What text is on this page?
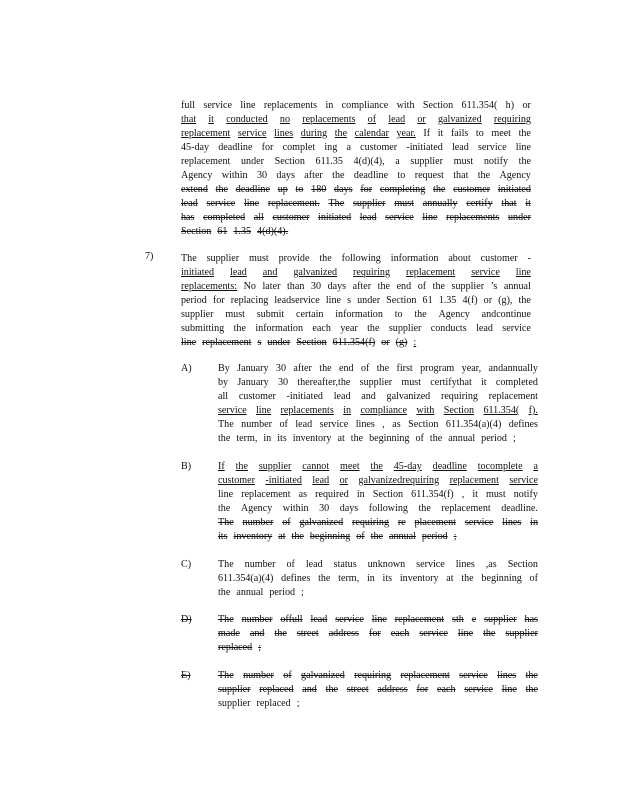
full service line replacements in compliance with Section 611.354( h) or
that it conducted no replacements of lead or galvanized requiring
replacement service lines during the calendar year. If it fails to meet the
45-day deadline for complet ing a customer -initiated lead service line
replacement under Section 611.35 4(d)(4), a supplier must notify the
Agency within 30 days after the deadline to request that the Agency
extend the deadline up to 180 days for completing the customer initiated
lead service line replacement. The supplier must annually certify that it
has completed all customer initiated lead service line replacements under
Section 61 1.35 4(d)(4).
7)	The supplier must provide the following information about customer -
initiated lead and galvanized requiring replacement service line
replacements: No later than 30 days after the end of the supplier ’s annual
period for replacing leadservice line s under Section 61 1.35 4(f) or (g), the
supplier must submit certain information to the Agency andcontinue
submitting the information each year the supplier conducts lead service
line replacement s under Section 611.354(f) or (g) :
By January 30 after the end of the first program year, andannually
by January 30 thereafter,the supplier must certifythat it completed
all customer -initiated lead and galvanized requiring replacement
service line replacements in compliance with Section 611.354( f).
The number of lead service lines , as Section 611.354(a)(4) defines
the term, in its inventory at the beginning of the annual period ;
If the supplier cannot meet the 45-day deadline tocomplete a
customer -initiated lead or galvanizedrequiring replacement service
line replacement as required in Section 611.354(f) , it must notify
the Agency within 30 days following the replacement deadline.
The number of galvanized requiring re placement service lines in
its inventory at the beginning of the annual period ;
The number of lead status unknown service lines ,as Section
611.354(a)(4) defines the term, in its inventory at the beginning of
the annual period ;
The number offull lead service line replacement sth e supplier has
made and the street address for each service line the supplier
replaced ;
The number of galvanized requiring replacement service lines the
supplier replaced and the street address for each service line the
supplier replaced ;
A)
B)
C)
D)
E)
